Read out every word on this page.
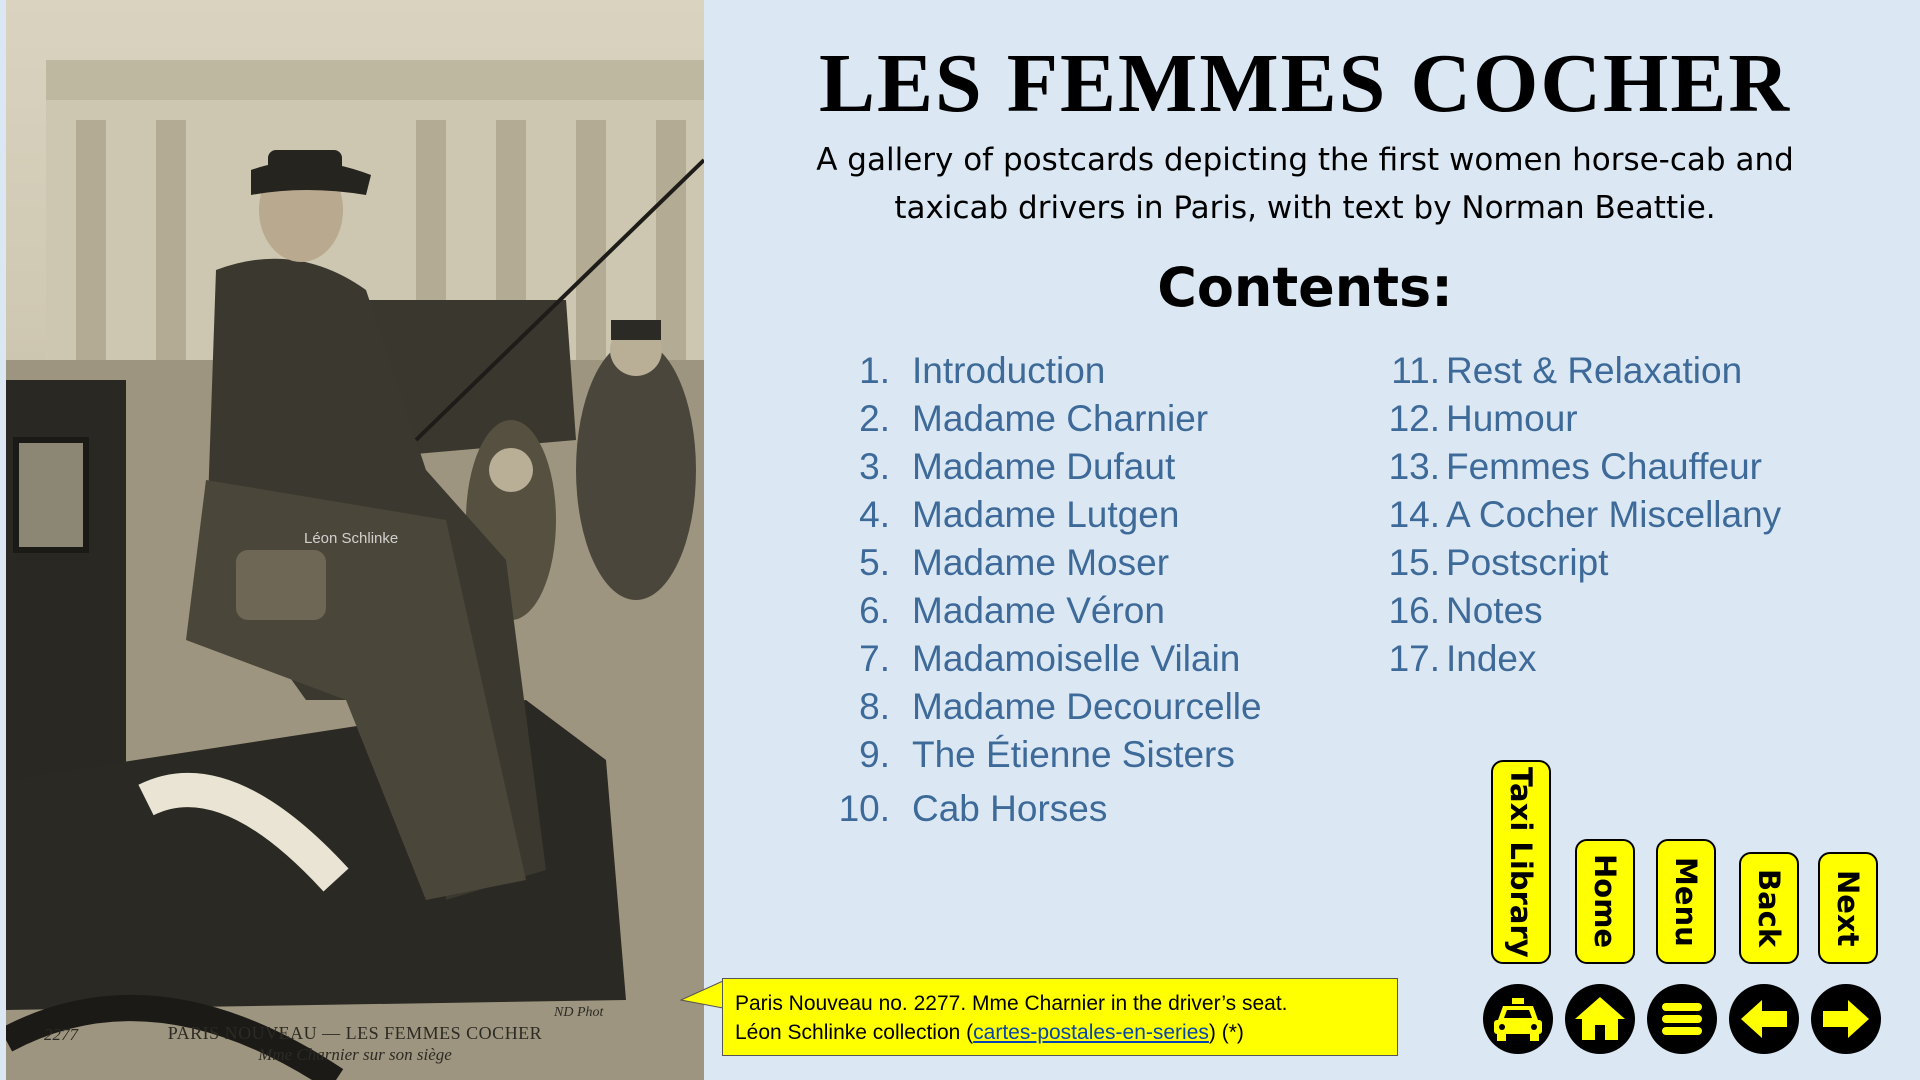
Léon Schlinke
2277	PARIS NOUVEAU — LES FEMMES COCHER
Mme Charnier sur son siège
ND Phot
LES FEMMES COCHER
A gallery of postcards depicting the first women horse-cab and taxicab drivers in Paris, with text by Norman Beattie.
Contents:
1. Introduction
2. Madame Charnier
3. Madame Dufaut
4. Madame Lutgen
5. Madame Moser
6. Madame Véron
7. Madamoiselle Vilain
8. Madame Decourcelle
9. The Étienne Sisters
10. Cab Horses
11. Rest & Relaxation
12. Humour
13. Femmes Chauffeur
14. A Cocher Miscellany
15. Postscript
16. Notes
17. Index
Paris Nouveau no. 2277. Mme Charnier in the driver’s seat.
Léon Schlinke collection (cartes-postales-en-series) (*)
Taxi Library Home Menu Back Next
